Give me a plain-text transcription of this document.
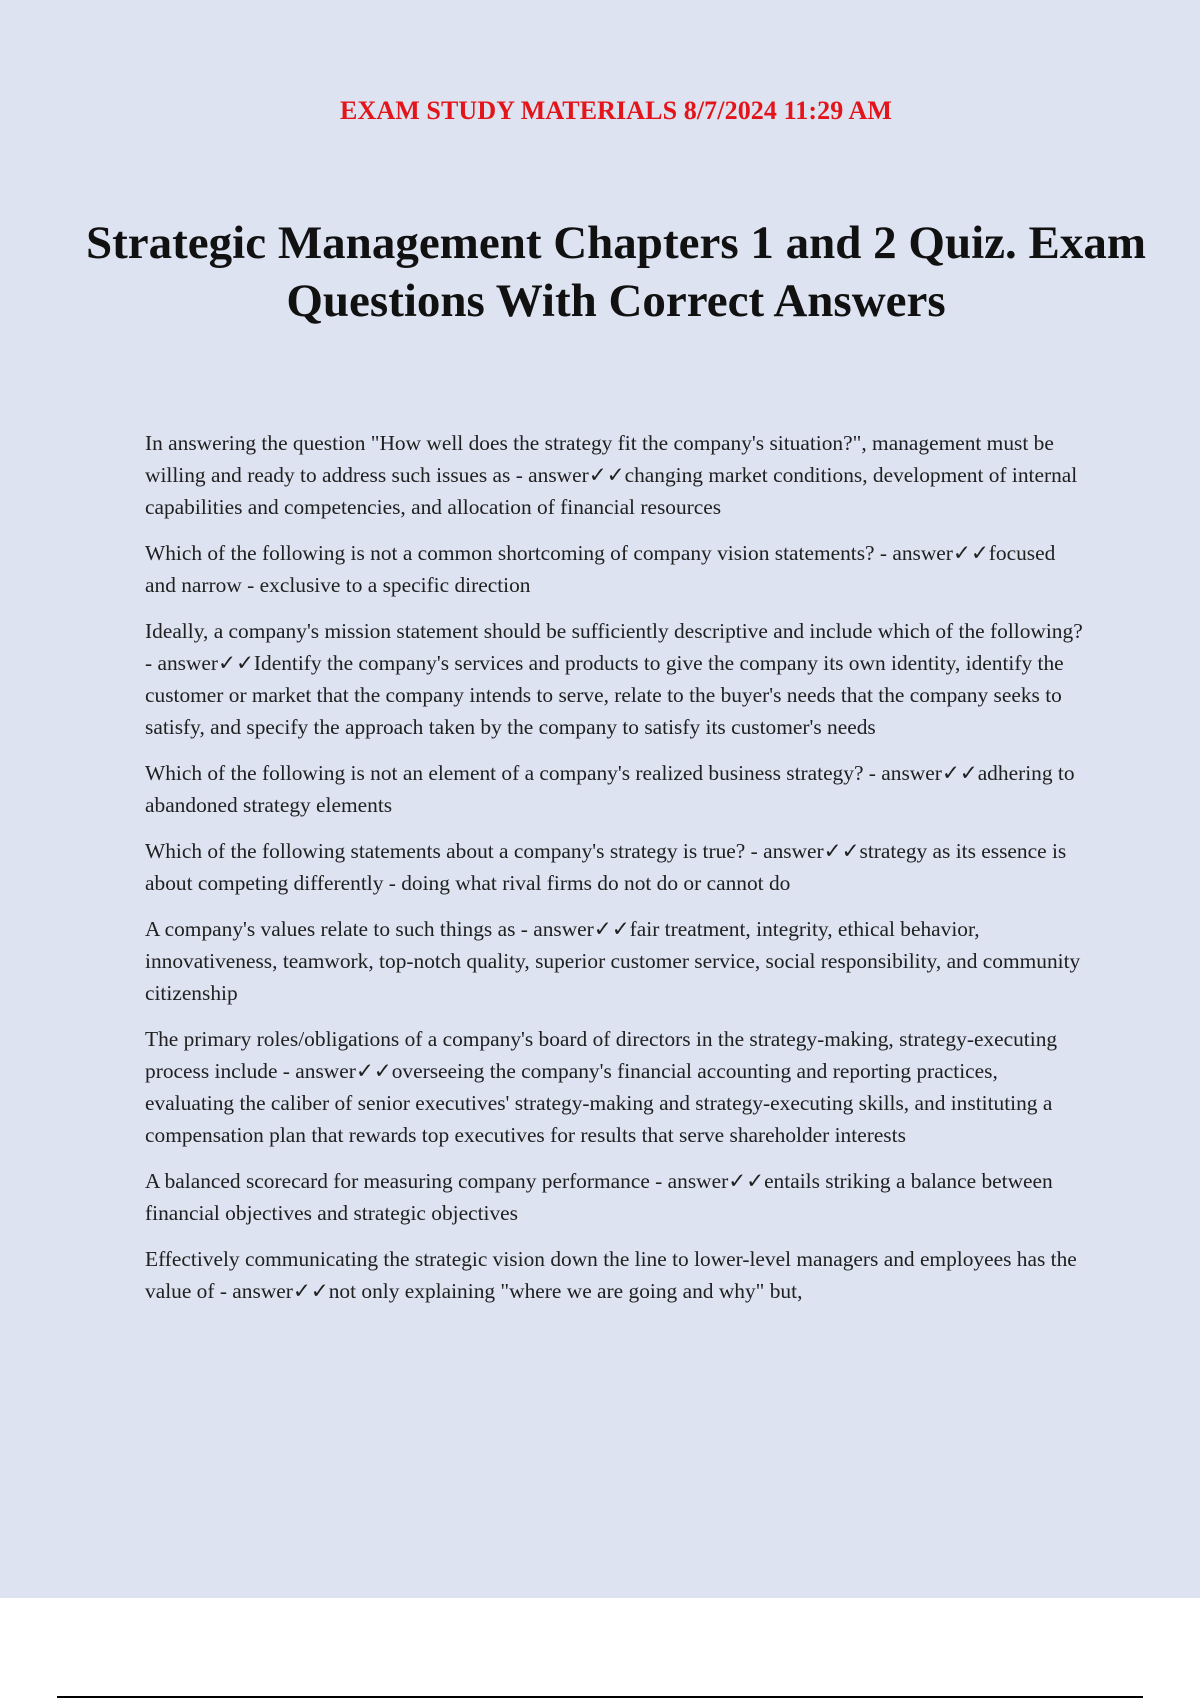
EXAM STUDY MATERIALS 8/7/2024 11:29 AM
Strategic Management Chapters 1 and 2 Quiz. Exam Questions With Correct Answers

In answering the question "How well does the strategy fit the company's situation?", management must be willing and ready to address such issues as - answer✓✓changing market conditions, development of internal capabilities and competencies, and allocation of financial resources

Which of the following is not a common shortcoming of company vision statements? - answer✓✓focused and narrow - exclusive to a specific direction

Ideally, a company's mission statement should be sufficiently descriptive and include which of the following? - answer✓✓Identify the company's services and products to give the company its own identity, identify the customer or market that the company intends to serve, relate to the buyer's needs that the company seeks to satisfy, and specify the approach taken by the company to satisfy its customer's needs

Which of the following is not an element of a company's realized business strategy? - answer✓✓adhering to abandoned strategy elements

Which of the following statements about a company's strategy is true? - answer✓✓strategy as its essence is about competing differently - doing what rival firms do not do or cannot do

A company's values relate to such things as - answer✓✓fair treatment, integrity, ethical behavior, innovativeness, teamwork, top-notch quality, superior customer service, social responsibility, and community citizenship

The primary roles/obligations of a company's board of directors in the strategy-making, strategy-executing process include - answer✓✓overseeing the company's financial accounting and reporting practices, evaluating the caliber of senior executives' strategy-making and strategy-executing skills, and instituting a compensation plan that rewards top executives for results that serve shareholder interests

A balanced scorecard for measuring company performance - answer✓✓entails striking a balance between financial objectives and strategic objectives

Effectively communicating the strategic vision down the line to lower-level managers and employees has the value of - answer✓✓not only explaining "where we are going and why" but,
